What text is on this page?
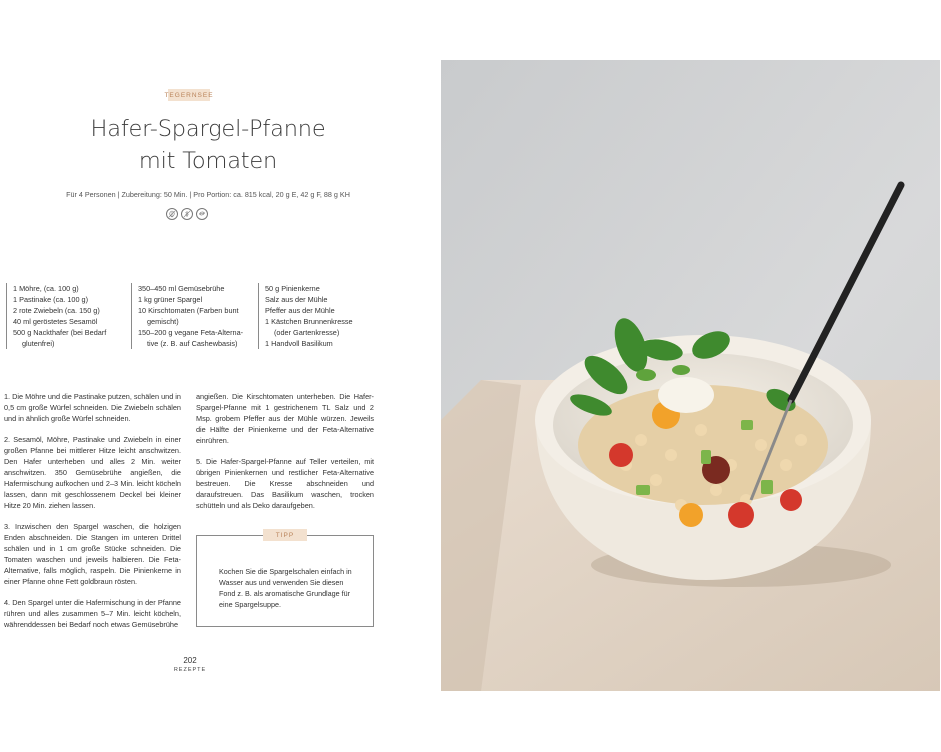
TEGERNSEE
Hafer-Spargel-Pfanne
mit Tomaten
Für 4 Personen | Zubereitung: 50 Min. | Pro Portion: ca. 815 kcal, 20 g E, 42 g F, 88 g KH
1 Möhre, (ca. 100 g)
1 Pastinake (ca. 100 g)
2 rote Zwiebeln (ca. 150 g)
40 ml geröstetes Sesamöl
500 g Nackthafer (bei Bedarf
glutenfrei)
350–450 ml Gemüsebrühe
1 kg grüner Spargel
10 Kirschtomaten (Farben bunt
gemischt)
150–200 g vegane Feta-Alterna-
tive (z. B. auf Cashewbasis)
50 g Pinienkerne
Salz aus der Mühle
Pfeffer aus der Mühle
1 Kästchen Brunnenkresse
(oder Gartenkresse)
1 Handvoll Basilikum

1. Die Möhre und die Pastinake putzen, schälen und in 0,5 cm große Würfel schneiden. Die Zwiebeln schälen und in ähnlich große Würfel schneiden.

2. Sesamöl, Möhre, Pastinake und Zwiebeln in einer großen Pfanne bei mittlerer Hitze leicht anschwitzen. Den Hafer unterheben und alles 2 Min. weiter anschwitzen. 350 Gemüsebrühe angießen, die Hafermischung aufkochen und 2–3 Min. leicht köcheln lassen, dann mit geschlossenem Deckel bei kleiner Hitze 20 Min. ziehen lassen.

3. Inzwischen den Spargel waschen, die holzigen Enden abschneiden. Die Stangen im unteren Drittel schälen und in 1 cm große Stücke schneiden. Die Tomaten waschen und jeweils halbieren. Die Feta-Alternative, falls möglich, raspeln. Die Pinienkerne in einer Pfanne ohne Fett goldbraun rösten.

4. Den Spargel unter die Hafermischung in der Pfanne rühren und alles zusammen 5–7 Min. leicht köcheln, währenddessen bei Bedarf noch etwas Gemüsebrühe

angießen. Die Kirschtomaten unterheben. Die Hafer-Spargel-Pfanne mit 1 gestrichenem TL Salz und 2 Msp. grobem Pfeffer aus der Mühle würzen. Jeweils die Hälfte der Pinienkerne und der Feta-Alternative einrühren.

5. Die Hafer-Spargel-Pfanne auf Teller verteilen, mit übrigen Pinienkernen und restlicher Feta-Alternative bestreuen. Die Kresse abschneiden und daraufstreuen. Das Basilikum waschen, trocken schütteln und als Deko daraufgeben.

TIPP
Kochen Sie die Spargelschalen einfach in Wasser aus und verwenden Sie diesen Fond z. B. als aromatische Grundlage für eine Spargelsuppe.
202
REZEPTE
